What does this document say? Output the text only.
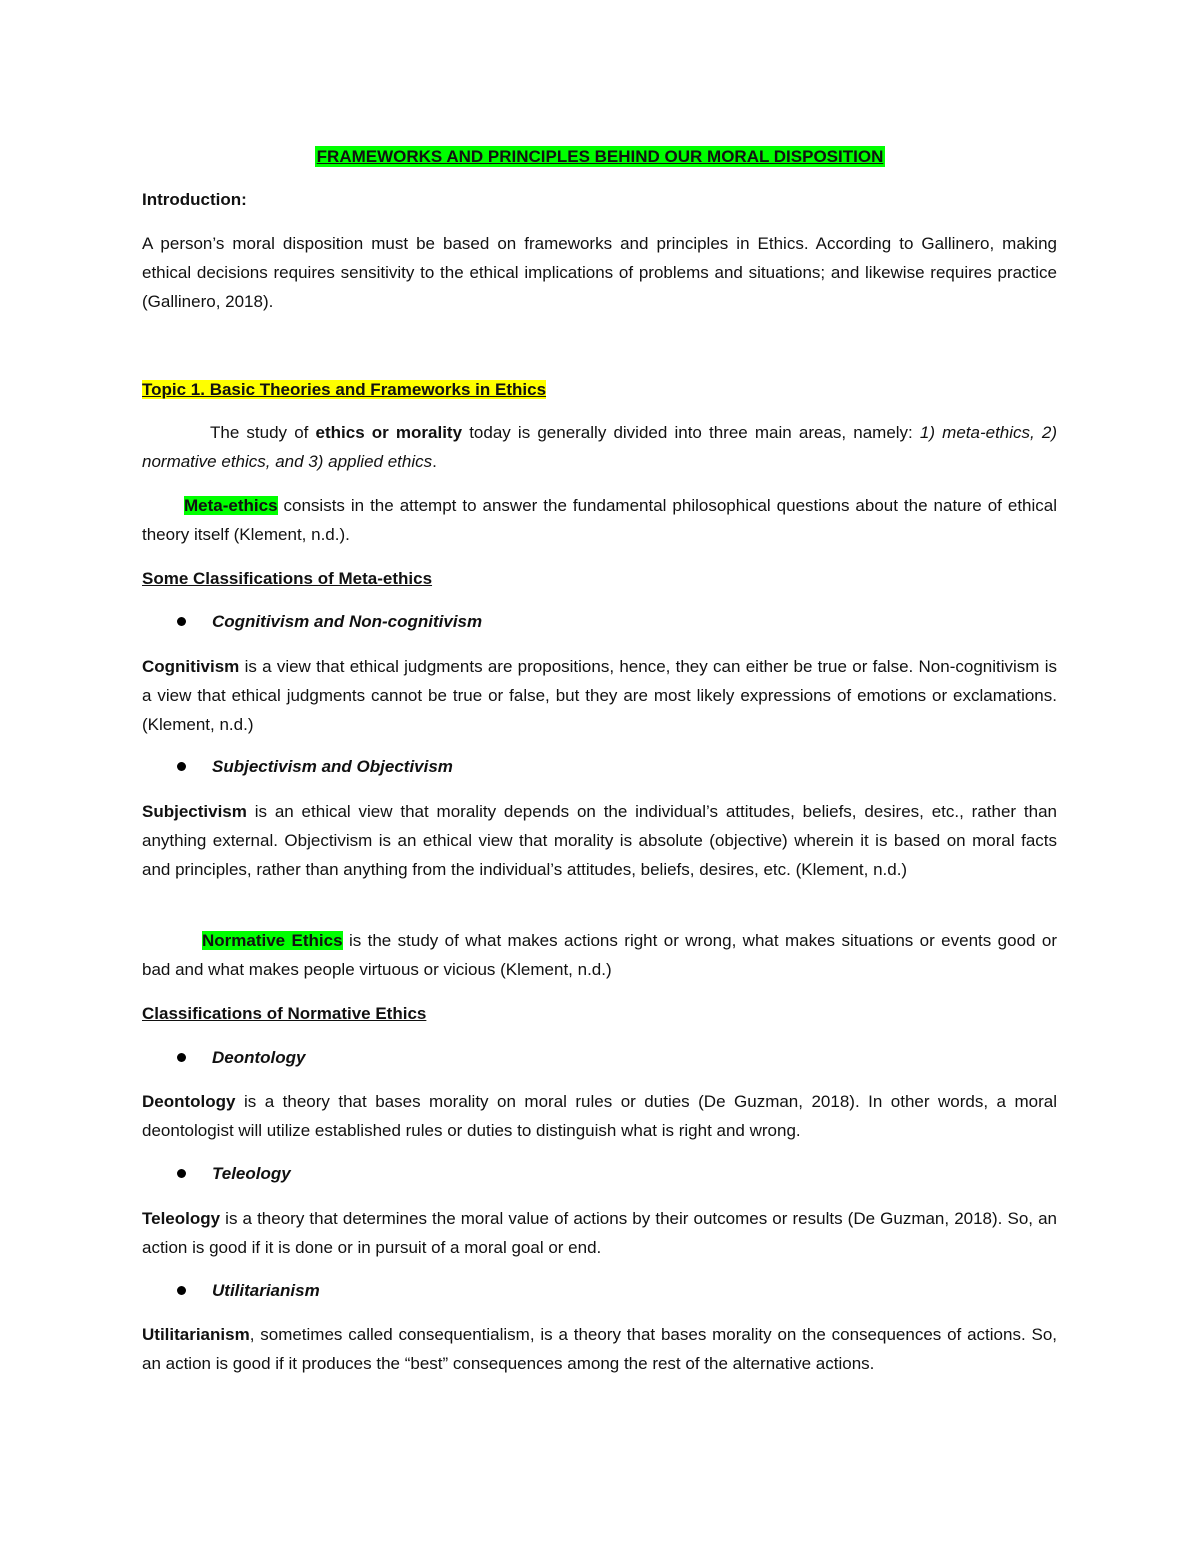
FRAMEWORKS AND PRINCIPLES BEHIND OUR MORAL DISPOSITION

Introduction:

A person’s moral disposition must be based on frameworks and principles in Ethics. According to Gallinero, making ethical decisions requires sensitivity to the ethical implications of problems and situations; and likewise requires practice (Gallinero, 2018).

Topic 1. Basic Theories and Frameworks in Ethics

The study of ethics or morality today is generally divided into three main areas, namely: 1) meta-ethics, 2) normative ethics, and 3) applied ethics.

Meta-ethics consists in the attempt to answer the fundamental philosophical questions about the nature of ethical theory itself (Klement, n.d.).

Some Classifications of Meta-ethics

Cognitivism and Non-cognitivism

Cognitivism is a view that ethical judgments are propositions, hence, they can either be true or false. Non-cognitivism is a view that ethical judgments cannot be true or false, but they are most likely expressions of emotions or exclamations. (Klement, n.d.)

Subjectivism and Objectivism

Subjectivism is an ethical view that morality depends on the individual’s attitudes, beliefs, desires, etc., rather than anything external. Objectivism is an ethical view that morality is absolute (objective) wherein it is based on moral facts and principles, rather than anything from the individual’s attitudes, beliefs, desires, etc. (Klement, n.d.)

Normative Ethics is the study of what makes actions right or wrong, what makes situations or events good or bad and what makes people virtuous or vicious (Klement, n.d.)

Classifications of Normative Ethics

Deontology

Deontology is a theory that bases morality on moral rules or duties (De Guzman, 2018). In other words, a moral deontologist will utilize established rules or duties to distinguish what is right and wrong.

Teleology

Teleology is a theory that determines the moral value of actions by their outcomes or results (De Guzman, 2018). So, an action is good if it is done or in pursuit of a moral goal or end.

Utilitarianism

Utilitarianism, sometimes called consequentialism, is a theory that bases morality on the consequences of actions. So, an action is good if it produces the “best” consequences among the rest of the alternative actions.
